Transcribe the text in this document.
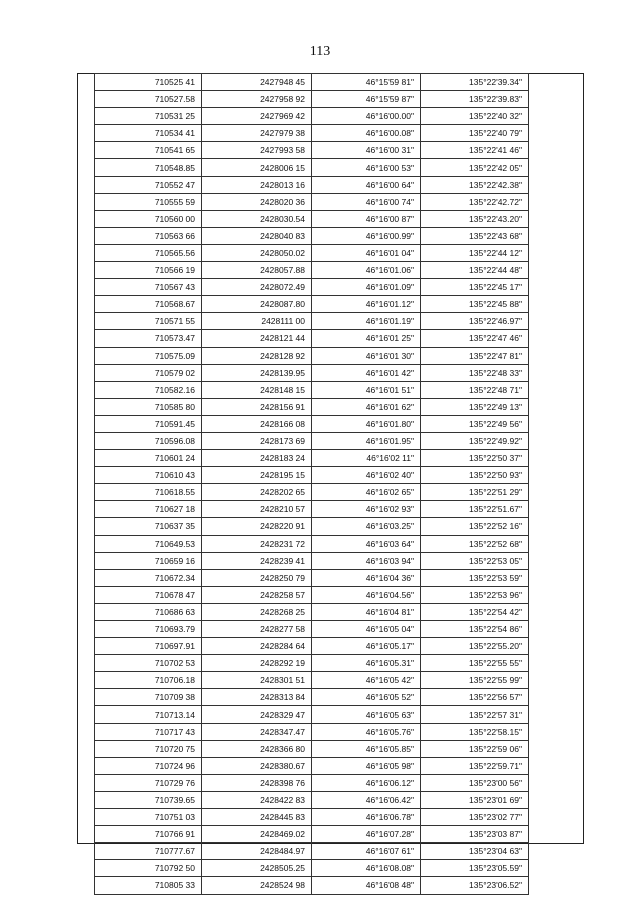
113
710525 41	2427948 45	46°15'59 81"	135°22'39.34"
710527.58	2427958 92	46°15'59 87"	135°22'39.83"
710531 25	2427969 42	46°16'00.00"	135°22'40 32"
710534 41	2427979 38	46°16'00.08"	135°22'40 79"
710541 65	2427993 58	46°16'00 31"	135°22'41 46"
710548.85	2428006 15	46°16'00 53"	135°22'42 05"
710552 47	2428013 16	46°16'00 64"	135°22'42.38"
710555 59	2428020 36	46°16'00 74"	135°22'42.72"
710560 00	2428030.54	46°16'00 87"	135°22'43.20"
710563 66	2428040 83	46°16'00.99"	135°22'43 68"
710565.56	2428050.02	46°16'01 04"	135°22'44 12"
710566 19	2428057.88	46°16'01.06"	135°22'44 48"
710567 43	2428072.49	46°16'01.09"	135°22'45 17"
710568.67	2428087.80	46°16'01.12"	135°22'45 88"
710571 55	2428111 00	46°16'01.19"	135°22'46.97"
710573.47	2428121 44	46°16'01 25"	135°22'47 46"
710575.09	2428128 92	46°16'01 30"	135°22'47 81"
710579 02	2428139.95	46°16'01 42"	135°22'48 33"
710582.16	2428148 15	46°16'01 51"	135°22'48 71"
710585 80	2428156 91	46°16'01 62"	135°22'49 13"
710591.45	2428166 08	46°16'01.80"	135°22'49 56"
710596.08	2428173 69	46°16'01.95"	135°22'49.92"
710601 24	2428183 24	46°16'02 11"	135°22'50 37"
710610 43	2428195 15	46°16'02 40"	135°22'50 93"
710618.55	2428202 65	46°16'02 65"	135°22'51 29"
710627 18	2428210 57	46°16'02 93"	135°22'51.67"
710637 35	2428220 91	46°16'03.25"	135°22'52 16"
710649.53	2428231 72	46°16'03 64"	135°22'52 68"
710659 16	2428239 41	46°16'03 94"	135°22'53 05"
710672.34	2428250 79	46°16'04 36"	135°22'53 59"
710678 47	2428258 57	46°16'04.56"	135°22'53 96"
710686 63	2428268 25	46°16'04 81"	135°22'54 42"
710693.79	2428277 58	46°16'05 04"	135°22'54 86"
710697.91	2428284 64	46°16'05.17"	135°22'55.20"
710702 53	2428292 19	46°16'05.31"	135°22'55 55"
710706.18	2428301 51	46°16'05 42"	135°22'55 99"
710709 38	2428313 84	46°16'05 52"	135°22'56 57"
710713.14	2428329 47	46°16'05 63"	135°22'57 31"
710717 43	2428347.47	46°16'05.76"	135°22'58.15"
710720 75	2428366 80	46°16'05.85"	135°22'59 06"
710724 96	2428380.67	46°16'05 98"	135°22'59.71"
710729 76	2428398 76	46°16'06.12"	135°23'00 56"
710739.65	2428422 83	46°16'06.42"	135°23'01 69"
710751 03	2428445 83	46°16'06.78"	135°23'02 77"
710766 91	2428469.02	46°16'07.28"	135°23'03 87"
710777.67	2428484.97	46°16'07 61"	135°23'04 63"
710792 50	2428505.25	46°16'08.08"	135°23'05.59"
710805 33	2428524 98	46°16'08 48"	135°23'06.52"
